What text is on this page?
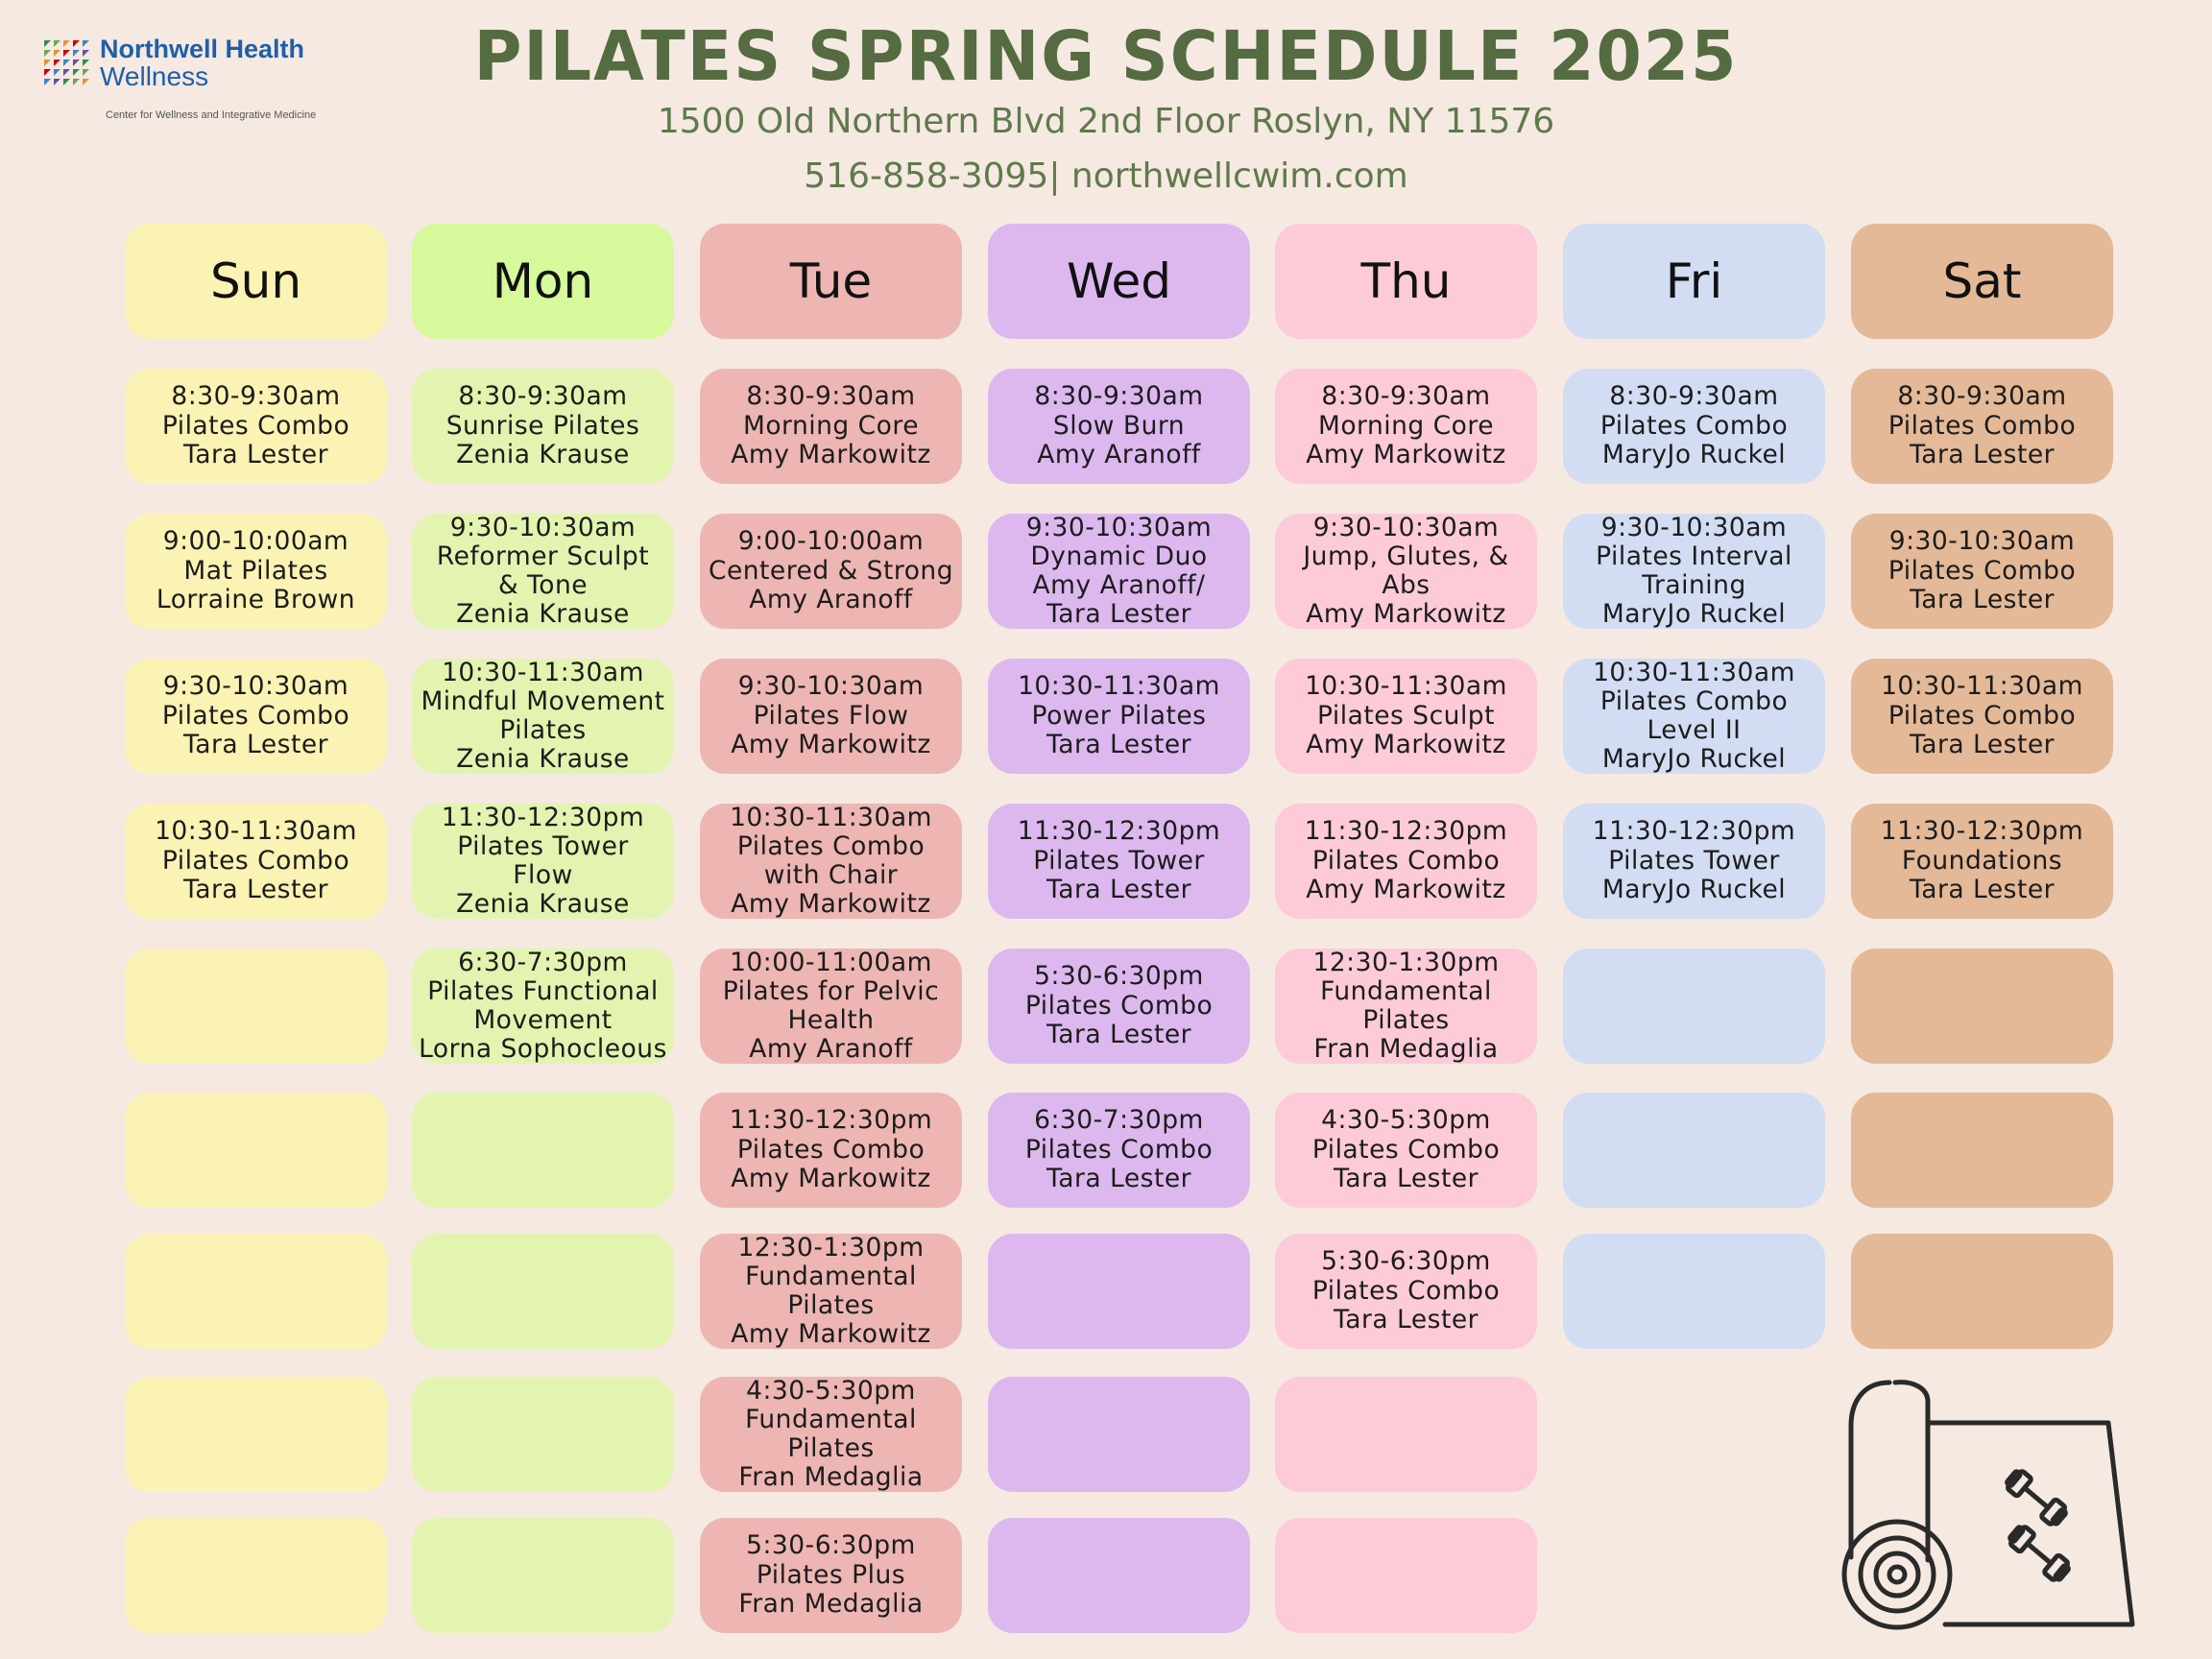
Northwell Health
Wellness
Center for Wellness and Integrative Medicine
PILATES SPRING SCHEDULE 2025
1500 Old Northern Blvd 2nd Floor Roslyn, NY 11576
516-858-3095| northwellcwim.com
Sun
8:30-9:30am
Pilates Combo
Tara Lester
9:00-10:00am
Mat Pilates
Lorraine Brown
9:30-10:30am
Pilates Combo
Tara Lester
10:30-11:30am
Pilates Combo
Tara Lester
Mon
8:30-9:30am
Sunrise Pilates
Zenia Krause
9:30-10:30am
Reformer Sculpt
& Tone
Zenia Krause
10:30-11:30am
Mindful Movement
Pilates
Zenia Krause
11:30-12:30pm
Pilates Tower
Flow
Zenia Krause
6:30-7:30pm
Pilates Functional
Movement
Lorna Sophocleous
Tue
8:30-9:30am
Morning Core
Amy Markowitz
9:00-10:00am
Centered & Strong
Amy Aranoff
9:30-10:30am
Pilates Flow
Amy Markowitz
10:30-11:30am
Pilates Combo
with Chair
Amy Markowitz
10:00-11:00am
Pilates for Pelvic
Health
Amy Aranoff
11:30-12:30pm
Pilates Combo
Amy Markowitz
12:30-1:30pm
Fundamental
Pilates
Amy Markowitz
4:30-5:30pm
Fundamental
Pilates
Fran Medaglia
5:30-6:30pm
Pilates Plus
Fran Medaglia
Wed
8:30-9:30am
Slow Burn
Amy Aranoff
9:30-10:30am
Dynamic Duo
Amy Aranoff/
Tara Lester
10:30-11:30am
Power Pilates
Tara Lester
11:30-12:30pm
Pilates Tower
Tara Lester
5:30-6:30pm
Pilates Combo
Tara Lester
6:30-7:30pm
Pilates Combo
Tara Lester
Thu
8:30-9:30am
Morning Core
Amy Markowitz
9:30-10:30am
Jump, Glutes, &
Abs
Amy Markowitz
10:30-11:30am
Pilates Sculpt
Amy Markowitz
11:30-12:30pm
Pilates Combo
Amy Markowitz
12:30-1:30pm
Fundamental
Pilates
Fran Medaglia
4:30-5:30pm
Pilates Combo
Tara Lester
5:30-6:30pm
Pilates Combo
Tara Lester
Fri
8:30-9:30am
Pilates Combo
MaryJo Ruckel
9:30-10:30am
Pilates Interval
Training
MaryJo Ruckel
10:30-11:30am
Pilates Combo
Level II
MaryJo Ruckel
11:30-12:30pm
Pilates Tower
MaryJo Ruckel
Sat
8:30-9:30am
Pilates Combo
Tara Lester
9:30-10:30am
Pilates Combo
Tara Lester
10:30-11:30am
Pilates Combo
Tara Lester
11:30-12:30pm
Foundations
Tara Lester
